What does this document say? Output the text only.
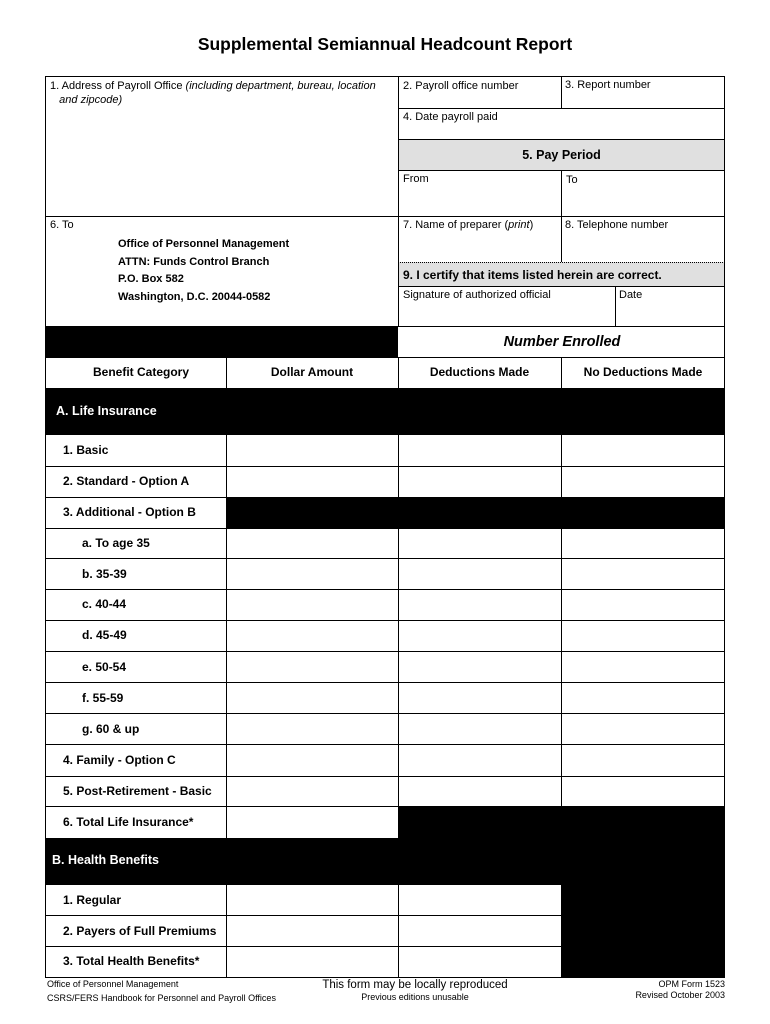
Supplemental Semiannual Headcount Report
1. Address of Payroll Office (including department, bureau, location
and zipcode)
2. Payroll office number	3. Report number
4. Date payroll paid
5. Pay Period
From	To
6. To
Office of Personnel Management
ATTN: Funds Control Branch
P.O. Box 582
Washington, D.C. 20044-0582
7. Name of preparer (print)	8. Telephone number
9. I certify that items listed herein are correct.
Signature of authorized official	Date
Number Enrolled
Benefit Category	Dollar Amount	Deductions Made	No Deductions Made
A. Life Insurance
1. Basic
2. Standard - Option A
3. Additional - Option B
a. To age 35
b. 35-39
c. 40-44
d. 45-49
e. 50-54
f. 55-59
g. 60 & up
4. Family - Option C
5. Post-Retirement - Basic
6. Total Life Insurance*
B. Health Benefits
1. Regular
2. Payers of Full Premiums
3. Total Health Benefits*
Office of Personnel Management
CSRS/FERS Handbook for Personnel and Payroll Offices
This form may be locally reproduced
Previous editions unusable
OPM Form 1523
Revised October 2003
